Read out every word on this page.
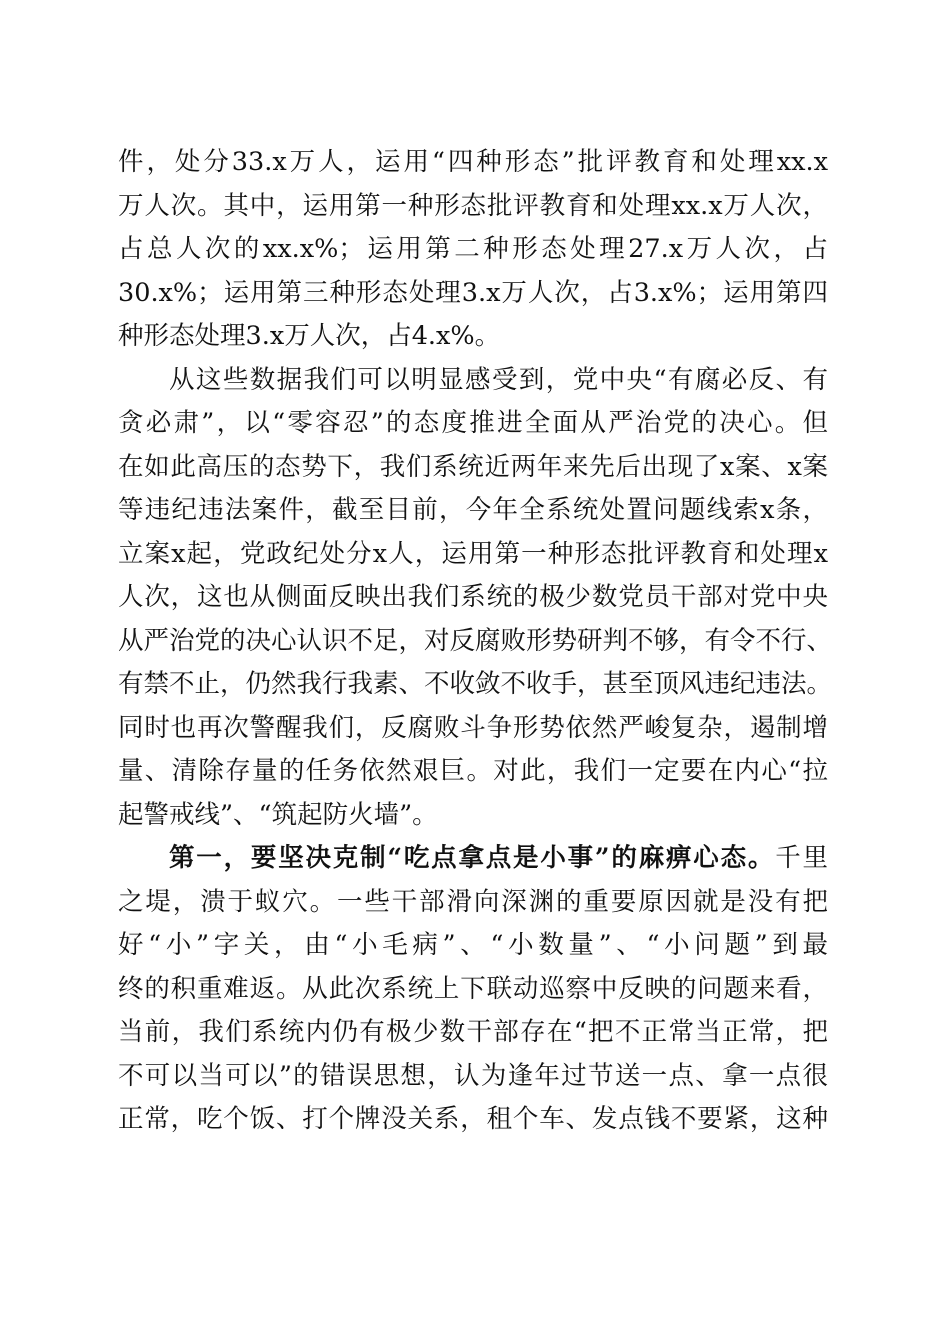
件，处分33.x万人，运用“四种形态”批评教育和处理xx.x
万人次。其中，运用第一种形态批评教育和处理xx.x万人次，
占总人次的xx.x%；运用第二种形态处理27.x万人次，占
30.x%；运用第三种形态处理3.x万人次，占3.x%；运用第四
种形态处理3.x万人次，占4.x%。
从这些数据我们可以明显感受到，党中央“有腐必反、有
贪必肃”，以“零容忍”的态度推进全面从严治党的决心。但
在如此高压的态势下，我们系统近两年来先后出现了x案、x案
等违纪违法案件，截至目前，今年全系统处置问题线索x条，
立案x起，党政纪处分x人，运用第一种形态批评教育和处理x
人次，这也从侧面反映出我们系统的极少数党员干部对党中央
从严治党的决心认识不足，对反腐败形势研判不够，有令不行、
有禁不止，仍然我行我素、不收敛不收手，甚至顶风违纪违法。
同时也再次警醒我们，反腐败斗争形势依然严峻复杂，遏制增
量、清除存量的任务依然艰巨。对此，我们一定要在内心“拉
起警戒线”、“筑起防火墙”。
第一，要坚决克制“吃点拿点是小事”的麻痹心态。千里
之堤，溃于蚁穴。一些干部滑向深渊的重要原因就是没有把
好“小”字关，由“小毛病”、“小数量”、“小问题”到最
终的积重难返。从此次系统上下联动巡察中反映的问题来看，
当前，我们系统内仍有极少数干部存在“把不正常当正常，把
不可以当可以”的错误思想，认为逢年过节送一点、拿一点很
正常，吃个饭、打个牌没关系，租个车、发点钱不要紧，这种
